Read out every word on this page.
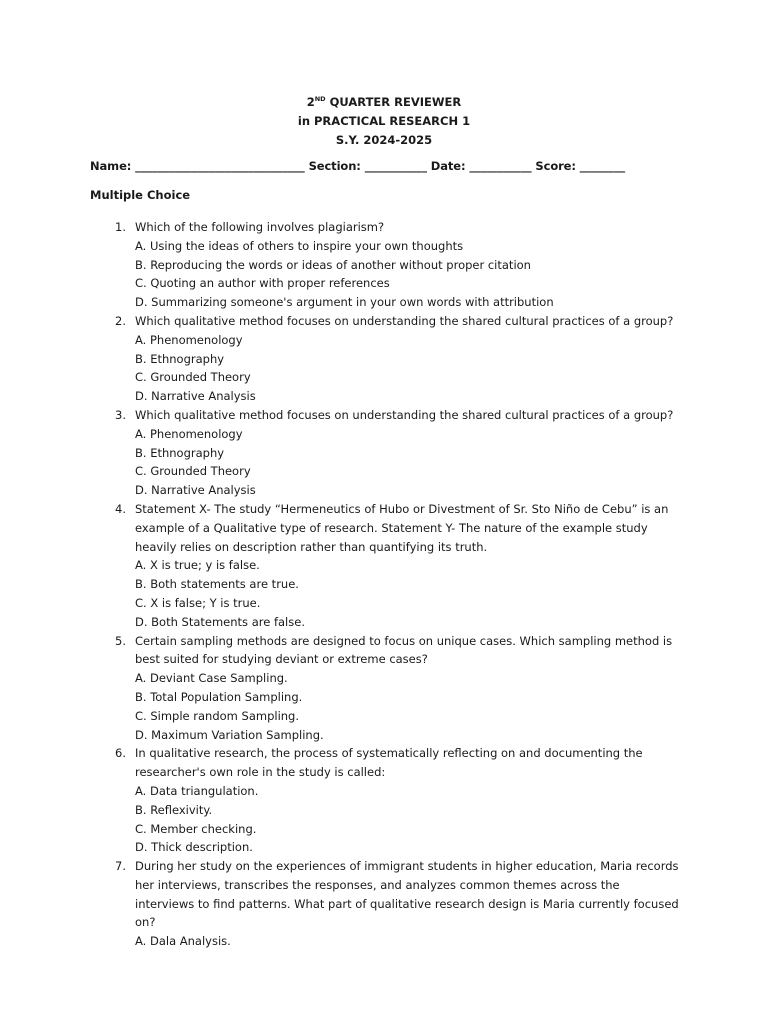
2ND QUARTER REVIEWER
in PRACTICAL RESEARCH 1
S.Y. 2024-2025
Name: ______________________________ Section: ___________ Date: ___________ Score: ________
Multiple Choice
1. Which of the following involves plagiarism?
A. Using the ideas of others to inspire your own thoughts
B. Reproducing the words or ideas of another without proper citation
C. Quoting an author with proper references
D. Summarizing someone's argument in your own words with attribution
2. Which qualitative method focuses on understanding the shared cultural practices of a group?
A. Phenomenology
B. Ethnography
C. Grounded Theory
D. Narrative Analysis
3. Which qualitative method focuses on understanding the shared cultural practices of a group?
A. Phenomenology
B. Ethnography
C. Grounded Theory
D. Narrative Analysis
4. Statement X- The study “Hermeneutics of Hubo or Divestment of Sr. Sto Niño de Cebu” is an example of a Qualitative type of research. Statement Y- The nature of the example study heavily relies on description rather than quantifying its truth.
A. X is true; y is false.
B. Both statements are true.
C. X is false; Y is true.
D. Both Statements are false.
5. Certain sampling methods are designed to focus on unique cases. Which sampling method is best suited for studying deviant or extreme cases?
A. Deviant Case Sampling.
B. Total Population Sampling.
C. Simple random Sampling.
D. Maximum Variation Sampling.
6. In qualitative research, the process of systematically reflecting on and documenting the researcher's own role in the study is called:
A. Data triangulation.
B. Reflexivity.
C. Member checking.
D. Thick description.
7. During her study on the experiences of immigrant students in higher education, Maria records her interviews, transcribes the responses, and analyzes common themes across the interviews to find patterns. What part of qualitative research design is Maria currently focused on?
A. Dala Analysis.
